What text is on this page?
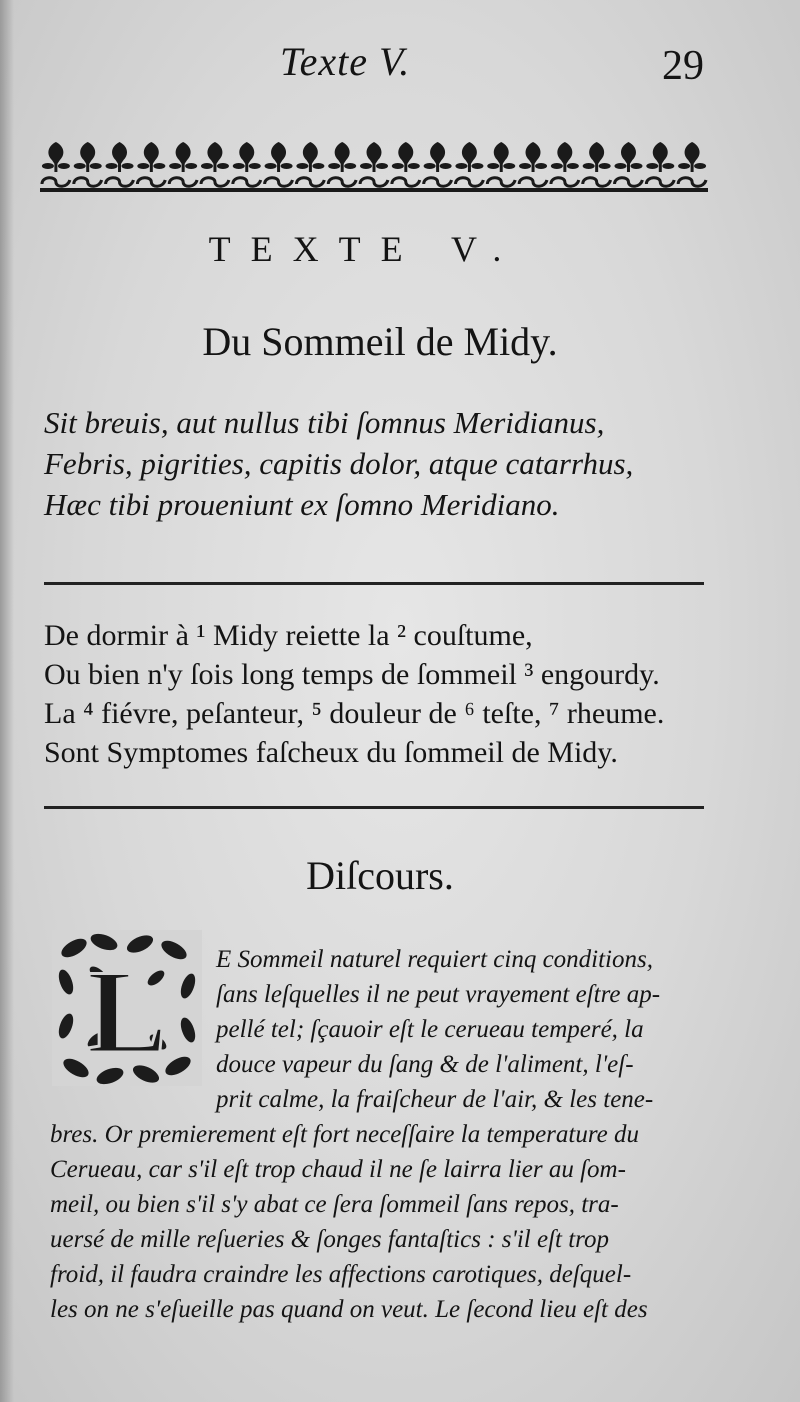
Texte V.	29
TEXTE V.
Du Sommeil de Midy.
Sit breuis, aut nullus tibi ſomnus Meridianus,
Febris, pigrities, capitis dolor, atque catarrhus,
Hæc tibi proueniunt ex ſomno Meridiano.
De dormir à ¹ Midy reiette la ² couſtume,
Ou bien n'y ſois long temps de ſommeil ³ engourdy.
La ⁴ fiévre, peſanteur, ⁵ douleur de ⁶ teſte, ⁷ rheume.
Sont Symptomes faſcheux du ſommeil de Midy.
Diſcours.
L E Sommeil naturel requiert cinq conditions,
ſans leſquelles il ne peut vrayement eſtre ap-
pellé tel; ſçauoir eſt le cerueau temperé, la
douce vapeur du ſang & de l'aliment, l'eſ-
prit calme, la fraiſcheur de l'air, & les tene-
bres. Or premierement eſt fort neceſſaire la temperature du
Cerueau, car s'il eſt trop chaud il ne ſe lairra lier au ſom-
meil, ou bien s'il s'y abat ce ſera ſommeil ſans repos, tra-
uersé de mille reſueries & ſonges fantaſtics : s'il eſt trop
froid, il faudra craindre les affections carotiques, deſquel-
les on ne s'eſueille pas quand on veut. Le ſecond lieu eſt des
